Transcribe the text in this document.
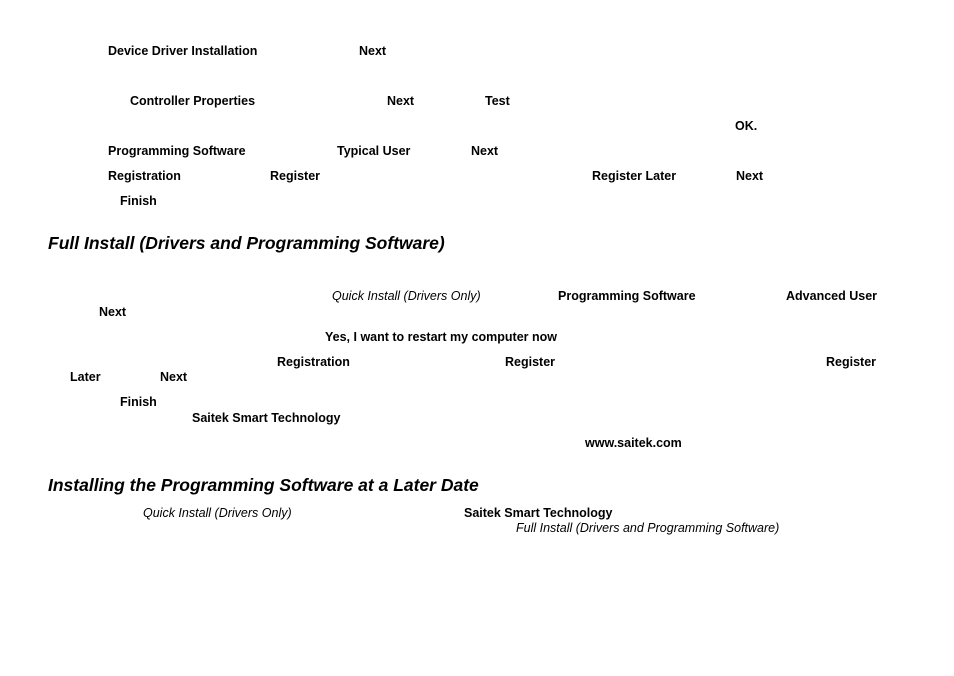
Device Driver Installation	Next
Controller Properties	Next	Test
OK.
Programming Software	Typical User	Next
Registration	Register	Register Later	Next
Finish
Full Install (Drivers and Programming Software)
Quick Install (Drivers Only)	Programming Software	Advanced User
Next
Yes, I want to restart my computer now
Registration	Register	Register
Later	Next
Finish
Saitek Smart Technology
www.saitek.com
Installing the Programming Software at a Later Date
Quick Install (Drivers Only)	Saitek Smart Technology
Full Install (Drivers and Programming Software)
